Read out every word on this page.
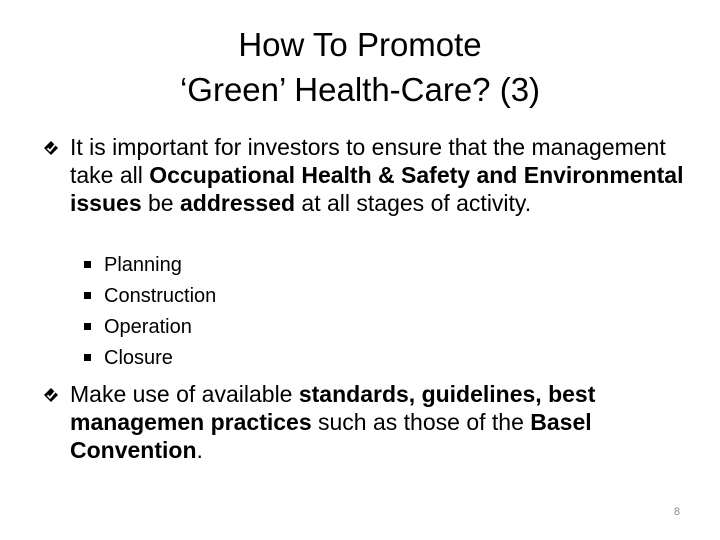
How To Promote
‘Green’ Health-Care? (3)
It is important for investors to ensure that the management take all Occupational Health & Safety and Environmental issues be addressed at all stages of activity.
Planning
Construction
Operation
Closure
Make use of available standards, guidelines, best managemen practices such as those of the Basel Convention.
8
